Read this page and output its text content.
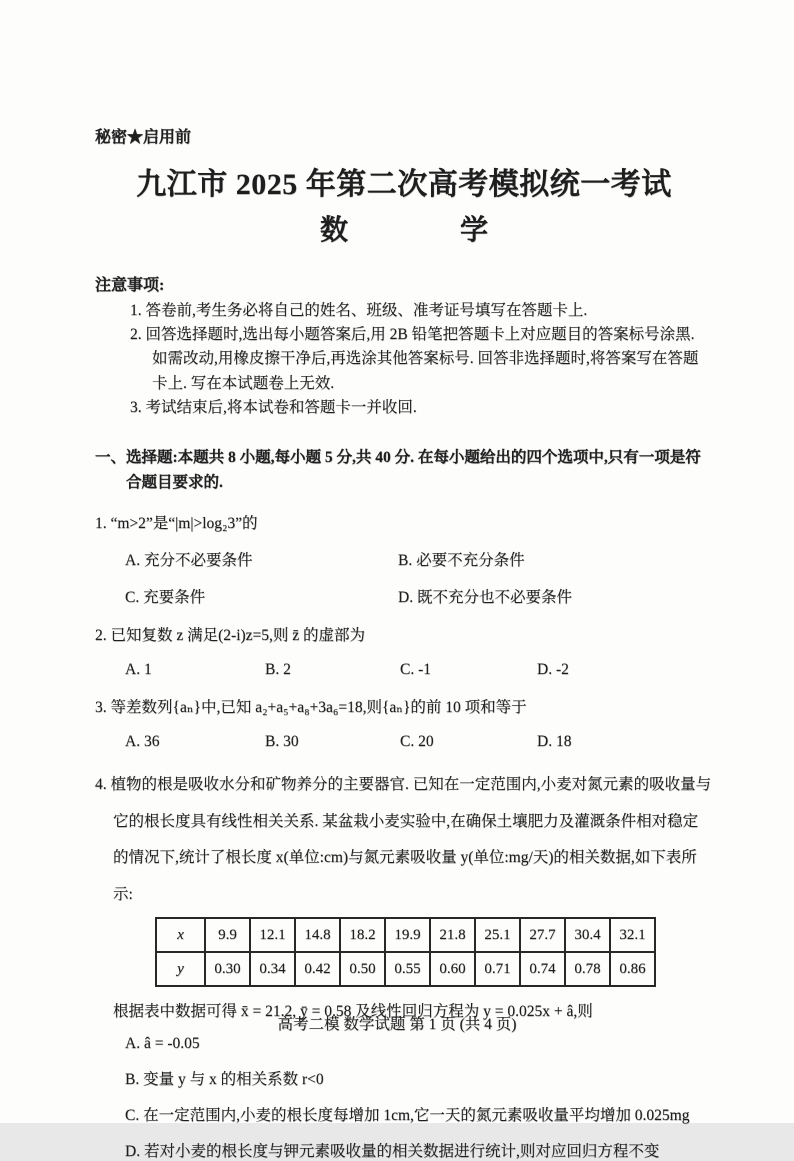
秘密★启用前
九江市 2025 年第二次高考模拟统一考试
数　　　　学
注意事项:
1. 答卷前,考生务必将自己的姓名、班级、准考证号填写在答题卡上.
2. 回答选择题时,选出每小题答案后,用 2B 铅笔把答题卡上对应题目的答案标号涂黑. 如需改动,用橡皮擦干净后,再选涂其他答案标号. 回答非选择题时,将答案写在答题卡上. 写在本试题卷上无效.
3. 考试结束后,将本试卷和答题卡一并收回.
一、选择题:本题共 8 小题,每小题 5 分,共 40 分. 在每小题给出的四个选项中,只有一项是符合题目要求的.
1. “m>2”是“|m|>log₂3”的
A. 充分不必要条件	B. 必要不充分条件
C. 充要条件	D. 既不充分也不必要条件
2. 已知复数 z 满足(2-i)z=5,则 z̄ 的虚部为
A. 1	B. 2	C. -1	D. -2
3. 等差数列{aₙ}中,已知 a₂+a₅+a₈+3a₆=18,则{aₙ}的前 10 项和等于
A. 36	B. 30	C. 20	D. 18
4. 植物的根是吸收水分和矿物养分的主要器官. 已知在一定范围内,小麦对氮元素的吸收量与它的根长度具有线性相关关系. 某盆栽小麦实验中,在确保土壤肥力及灌溉条件相对稳定的情况下,统计了根长度 x(单位:cm)与氮元素吸收量 y(单位:mg/天)的相关数据,如下表所示:
x	9.9	12.1	14.8	18.2	19.9	21.8	25.1	27.7	30.4	32.1
y	0.30	0.34	0.42	0.50	0.55	0.60	0.71	0.74	0.78	0.86
根据表中数据可得 x̄ = 21.2, ȳ = 0.58 及线性回归方程为 y = 0.025x + â,则
A. â = -0.05
B. 变量 y 与 x 的相关系数 r<0
C. 在一定范围内,小麦的根长度每增加 1cm,它一天的氮元素吸收量平均增加 0.025mg
D. 若对小麦的根长度与钾元素吸收量的相关数据进行统计,则对应回归方程不变
高考二模 数学试题 第 1 页 (共 4 页)
